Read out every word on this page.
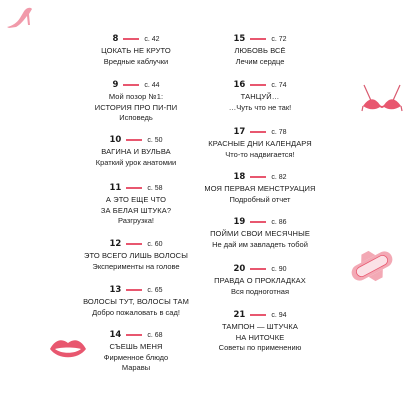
8	с. 42
ЦОКАТЬ НЕ КРУТО
Вредные каблучки
9	с. 44
Мой позор №1:
ИСТОРИЯ ПРО ПИ-ПИ
Исповедь
10	с. 50
ВАГИНА И ВУЛЬВА
Краткий урок анатомии
11	с. 58
А ЭТО ЕЩЕ ЧТО
ЗА БЕЛАЯ ШТУКА?
Разгрузка!
12	с. 60
ЭТО ВСЕГО ЛИШЬ ВОЛОСЫ
Эксперименты на голове
13	с. 65
ВОЛОСЫ ТУТ, ВОЛОСЫ ТАМ
Добро пожаловать в сад!
14	с. 68
СЪЕШЬ МЕНЯ
Фирменное блюдо
Маравы
15	с. 72
ЛЮБОВЬ ВСЁ
Лечим сердце
16	с. 74
ТАНЦУЙ…
…Чуть что не так!
17	с. 78
КРАСНЫЕ ДНИ КАЛЕНДАРЯ
Что-то надвигается!
18	с. 82
МОЯ ПЕРВАЯ МЕНСТРУАЦИЯ
Подробный отчет
19	с. 86
ПОЙМИ СВОИ МЕСЯЧНЫЕ
Не дай им завладеть тобой
20	с. 90
ПРАВДА О ПРОКЛАДКАХ
Вся подноготная
21	с. 94
ТАМПОН — ШТУЧКА
НА НИТОЧКЕ
Советы по применению
